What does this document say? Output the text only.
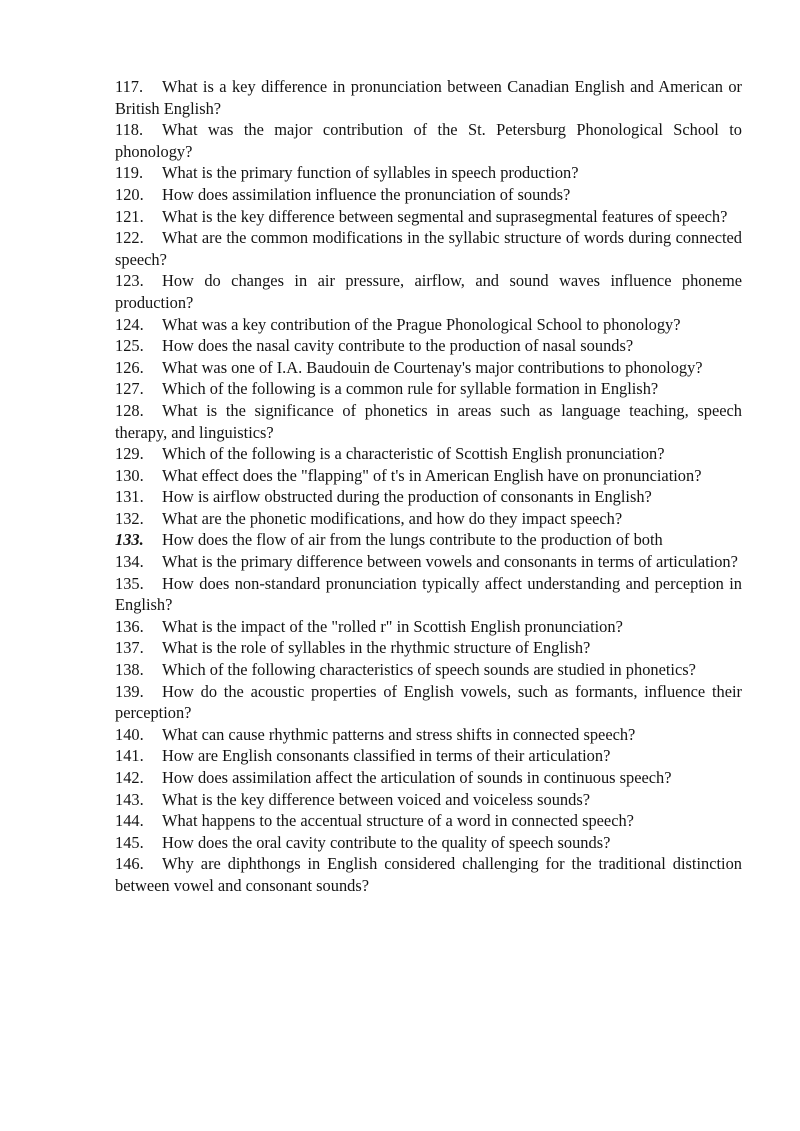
117. What is a key difference in pronunciation between Canadian English and American or British English?

118. What was the major contribution of the St. Petersburg Phonological School to phonology?

119. What is the primary function of syllables in speech production?

120. How does assimilation influence the pronunciation of sounds?

121. What is the key difference between segmental and suprasegmental features of speech?

122. What are the common modifications in the syllabic structure of words during connected speech?

123. How do changes in air pressure, airflow, and sound waves influence phoneme production?

124. What was a key contribution of the Prague Phonological School to phonology?

125. How does the nasal cavity contribute to the production of nasal sounds?

126. What was one of I.A. Baudouin de Courtenay's major contributions to phonology?

127. Which of the following is a common rule for syllable formation in English?

128. What is the significance of phonetics in areas such as language teaching, speech therapy, and linguistics?

129. Which of the following is a characteristic of Scottish English pronunciation?

130. What effect does the "flapping" of t's in American English have on pronunciation?

131. How is airflow obstructed during the production of consonants in English?

132. What are the phonetic modifications, and how do they impact speech?

133. How does the flow of air from the lungs contribute to the production of both

134. What is the primary difference between vowels and consonants in terms of articulation?

135. How does non-standard pronunciation typically affect understanding and perception in English?

136. What is the impact of the "rolled r" in Scottish English pronunciation?

137. What is the role of syllables in the rhythmic structure of English?

138. Which of the following characteristics of speech sounds are studied in phonetics?

139. How do the acoustic properties of English vowels, such as formants, influence their perception?

140. What can cause rhythmic patterns and stress shifts in connected speech?

141. How are English consonants classified in terms of their articulation?

142. How does assimilation affect the articulation of sounds in continuous speech?

143. What is the key difference between voiced and voiceless sounds?

144. What happens to the accentual structure of a word in connected speech?

145. How does the oral cavity contribute to the quality of speech sounds?

146. Why are diphthongs in English considered challenging for the traditional distinction between vowel and consonant sounds?
